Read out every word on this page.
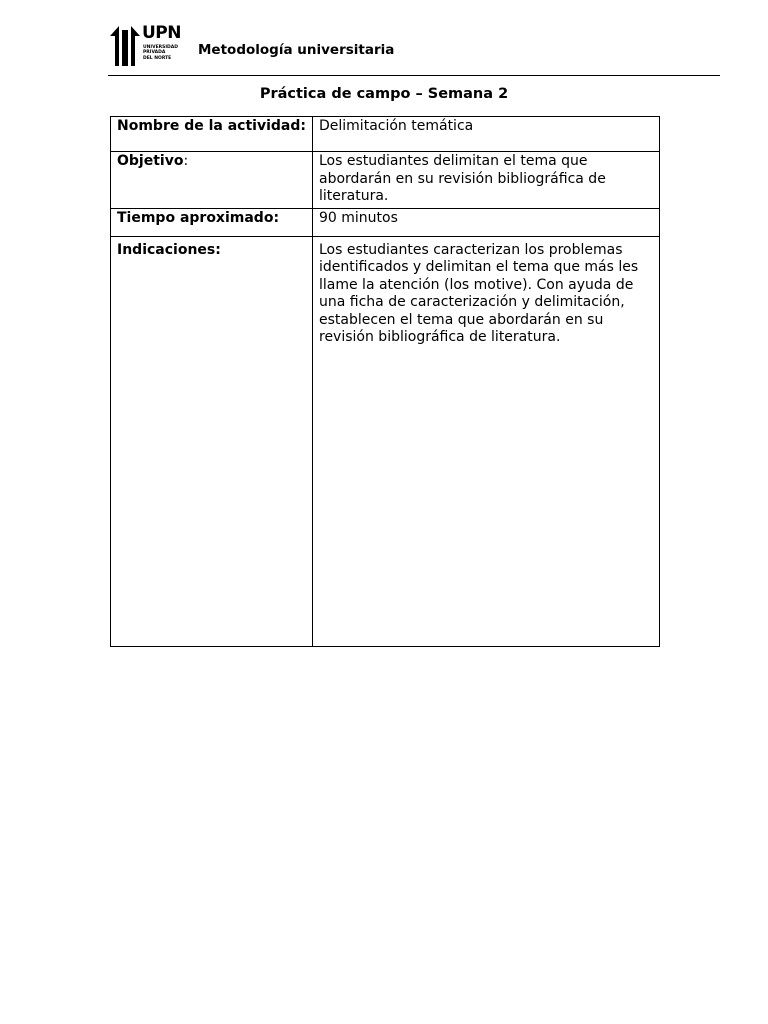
UPN
UNIVERSIDAD
PRIVADA
DEL NORTE
Metodología universitaria
Práctica de campo – Semana 2
Nombre de la actividad:	Delimitación temática
Objetivo:	Los estudiantes delimitan el tema que abordarán en su revisión bibliográfica de literatura.
Tiempo aproximado:	90 minutos
Indicaciones:	Los estudiantes caracterizan los problemas identificados y delimitan el tema que más les llame la atención (los motive). Con ayuda de una ficha de caracterización y delimitación, establecen el tema que abordarán en su revisión bibliográfica de literatura.
